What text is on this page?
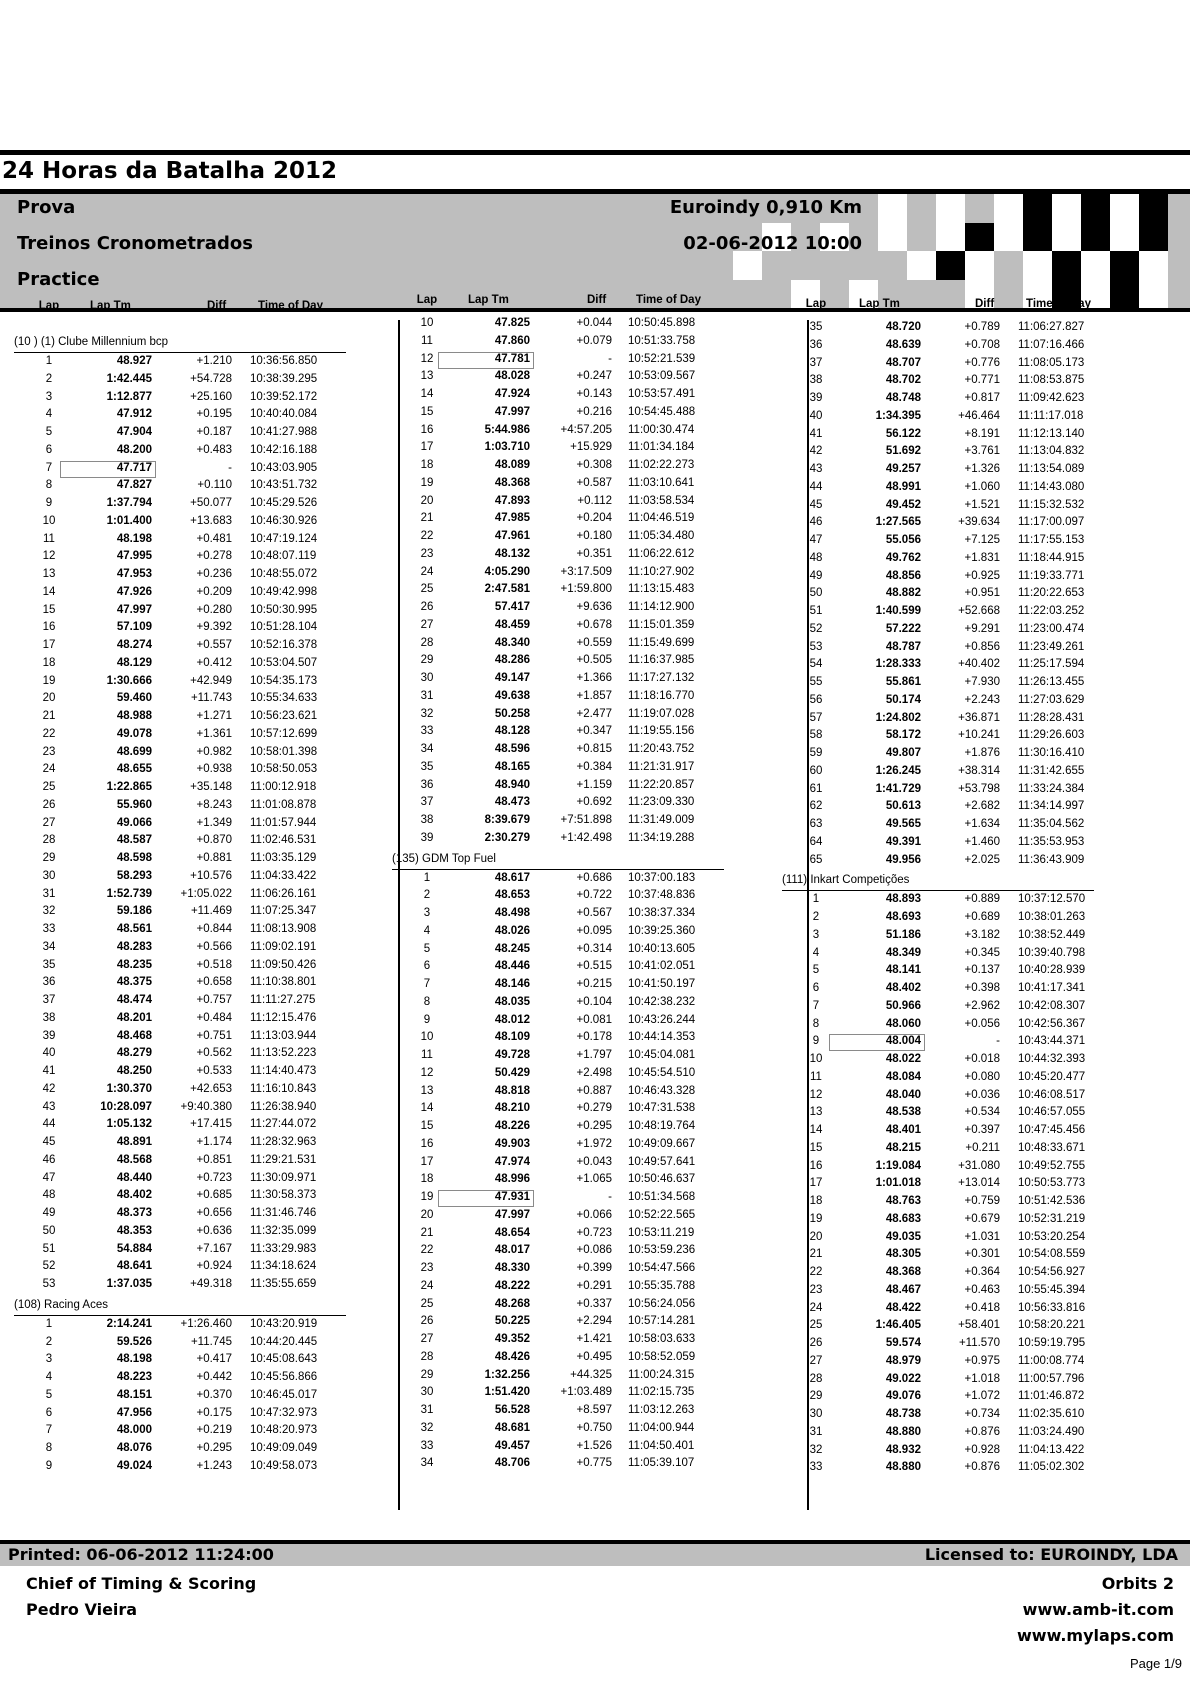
24 Horas da Batalha 2012
Prova
Treinos Cronometrados
Practice
Euroindy 0,910 Km
02-06-2012 10:00
Lap	Lap Tm	Diff	Time of Day
(10 ) (1) Clube Millennium bcp
1	48.927	+1.210 10:36:56.850
2	1:42.445	+54.728 10:38:39.295
3	1:12.877	+25.160 10:39:52.172
4	47.912	+0.195 10:40:40.084
5	47.904	+0.187 10:41:27.988
6	48.200	+0.483 10:42:16.188
7	47.717	- 10:43:03.905
8	47.827	+0.110 10:43:51.732
9	1:37.794	+50.077 10:45:29.526
10	1:01.400	+13.683 10:46:30.926
11	48.198	+0.481 10:47:19.124
12	47.995	+0.278 10:48:07.119
13	47.953	+0.236 10:48:55.072
14	47.926	+0.209 10:49:42.998
15	47.997	+0.280 10:50:30.995
16	57.109	+9.392 10:51:28.104
17	48.274	+0.557 10:52:16.378
18	48.129	+0.412 10:53:04.507
19	1:30.666	+42.949 10:54:35.173
20	59.460	+11.743 10:55:34.633
21	48.988	+1.271 10:56:23.621
22	49.078	+1.361 10:57:12.699
23	48.699	+0.982 10:58:01.398
24	48.655	+0.938 10:58:50.053
25	1:22.865	+35.148 11:00:12.918
26	55.960	+8.243 11:01:08.878
27	49.066	+1.349 11:01:57.944
28	48.587	+0.870 11:02:46.531
29	48.598	+0.881 11:03:35.129
30	58.293	+10.576 11:04:33.422
31	1:52.739	+1:05.022 11:06:26.161
32	59.186	+11.469 11:07:25.347
33	48.561	+0.844 11:08:13.908
34	48.283	+0.566 11:09:02.191
35	48.235	+0.518 11:09:50.426
36	48.375	+0.658 11:10:38.801
37	48.474	+0.757 11:11:27.275
38	48.201	+0.484 11:12:15.476
39	48.468	+0.751 11:13:03.944
40	48.279	+0.562 11:13:52.223
41	48.250	+0.533 11:14:40.473
42	1:30.370	+42.653 11:16:10.843
43	10:28.097	+9:40.380 11:26:38.940
44	1:05.132	+17.415 11:27:44.072
45	48.891	+1.174 11:28:32.963
46	48.568	+0.851 11:29:21.531
47	48.440	+0.723 11:30:09.971
48	48.402	+0.685 11:30:58.373
49	48.373	+0.656 11:31:46.746
50	48.353	+0.636 11:32:35.099
51	54.884	+7.167 11:33:29.983
52	48.641	+0.924 11:34:18.624
53	1:37.035	+49.318 11:35:55.659
(108) Racing Aces
1	2:14.241	+1:26.460 10:43:20.919
2	59.526	+11.745 10:44:20.445
3	48.198	+0.417 10:45:08.643
4	48.223	+0.442 10:45:56.866
5	48.151	+0.370 10:46:45.017
6	47.956	+0.175 10:47:32.973
7	48.000	+0.219 10:48:20.973
8	48.076	+0.295 10:49:09.049
9	49.024	+1.243 10:49:58.073
Lap	Lap Tm	Diff	Time of Day
10	47.825	+0.044 10:50:45.898
11	47.860	+0.079 10:51:33.758
12	47.781	- 10:52:21.539
13	48.028	+0.247 10:53:09.567
14	47.924	+0.143 10:53:57.491
15	47.997	+0.216 10:54:45.488
16	5:44.986	+4:57.205 11:00:30.474
17	1:03.710	+15.929 11:01:34.184
18	48.089	+0.308 11:02:22.273
19	48.368	+0.587 11:03:10.641
20	47.893	+0.112 11:03:58.534
21	47.985	+0.204 11:04:46.519
22	47.961	+0.180 11:05:34.480
23	48.132	+0.351 11:06:22.612
24	4:05.290	+3:17.509 11:10:27.902
25	2:47.581	+1:59.800 11:13:15.483
26	57.417	+9.636 11:14:12.900
27	48.459	+0.678 11:15:01.359
28	48.340	+0.559 11:15:49.699
29	48.286	+0.505 11:16:37.985
30	49.147	+1.366 11:17:27.132
31	49.638	+1.857 11:18:16.770
32	50.258	+2.477 11:19:07.028
33	48.128	+0.347 11:19:55.156
34	48.596	+0.815 11:20:43.752
35	48.165	+0.384 11:21:31.917
36	48.940	+1.159 11:22:20.857
37	48.473	+0.692 11:23:09.330
38	8:39.679	+7:51.898 11:31:49.009
39	2:30.279	+1:42.498 11:34:19.288
(135) GDM Top Fuel
1	48.617	+0.686 10:37:00.183
2	48.653	+0.722 10:37:48.836
3	48.498	+0.567 10:38:37.334
4	48.026	+0.095 10:39:25.360
5	48.245	+0.314 10:40:13.605
6	48.446	+0.515 10:41:02.051
7	48.146	+0.215 10:41:50.197
8	48.035	+0.104 10:42:38.232
9	48.012	+0.081 10:43:26.244
10	48.109	+0.178 10:44:14.353
11	49.728	+1.797 10:45:04.081
12	50.429	+2.498 10:45:54.510
13	48.818	+0.887 10:46:43.328
14	48.210	+0.279 10:47:31.538
15	48.226	+0.295 10:48:19.764
16	49.903	+1.972 10:49:09.667
17	47.974	+0.043 10:49:57.641
18	48.996	+1.065 10:50:46.637
19	47.931	- 10:51:34.568
20	47.997	+0.066 10:52:22.565
21	48.654	+0.723 10:53:11.219
22	48.017	+0.086 10:53:59.236
23	48.330	+0.399 10:54:47.566
24	48.222	+0.291 10:55:35.788
25	48.268	+0.337 10:56:24.056
26	50.225	+2.294 10:57:14.281
27	49.352	+1.421 10:58:03.633
28	48.426	+0.495 10:58:52.059
29	1:32.256	+44.325 11:00:24.315
30	1:51.420	+1:03.489 11:02:15.735
31	56.528	+8.597 11:03:12.263
32	48.681	+0.750 11:04:00.944
33	49.457	+1.526 11:04:50.401
34	48.706	+0.775 11:05:39.107
Lap	Lap Tm	Diff	Time of Day
35	48.720	+0.789 11:06:27.827
36	48.639	+0.708 11:07:16.466
37	48.707	+0.776 11:08:05.173
38	48.702	+0.771 11:08:53.875
39	48.748	+0.817 11:09:42.623
40	1:34.395	+46.464 11:11:17.018
41	56.122	+8.191 11:12:13.140
42	51.692	+3.761 11:13:04.832
43	49.257	+1.326 11:13:54.089
44	48.991	+1.060 11:14:43.080
45	49.452	+1.521 11:15:32.532
46	1:27.565	+39.634 11:17:00.097
47	55.056	+7.125 11:17:55.153
48	49.762	+1.831 11:18:44.915
49	48.856	+0.925 11:19:33.771
50	48.882	+0.951 11:20:22.653
51	1:40.599	+52.668 11:22:03.252
52	57.222	+9.291 11:23:00.474
53	48.787	+0.856 11:23:49.261
54	1:28.333	+40.402 11:25:17.594
55	55.861	+7.930 11:26:13.455
56	50.174	+2.243 11:27:03.629
57	1:24.802	+36.871 11:28:28.431
58	58.172	+10.241 11:29:26.603
59	49.807	+1.876 11:30:16.410
60	1:26.245	+38.314 11:31:42.655
61	1:41.729	+53.798 11:33:24.384
62	50.613	+2.682 11:34:14.997
63	49.565	+1.634 11:35:04.562
64	49.391	+1.460 11:35:53.953
65	49.956	+2.025 11:36:43.909
(111) Inkart Competições
1	48.893	+0.889 10:37:12.570
2	48.693	+0.689 10:38:01.263
3	51.186	+3.182 10:38:52.449
4	48.349	+0.345 10:39:40.798
5	48.141	+0.137 10:40:28.939
6	48.402	+0.398 10:41:17.341
7	50.966	+2.962 10:42:08.307
8	48.060	+0.056 10:42:56.367
9	48.004	- 10:43:44.371
10	48.022	+0.018 10:44:32.393
11	48.084	+0.080 10:45:20.477
12	48.040	+0.036 10:46:08.517
13	48.538	+0.534 10:46:57.055
14	48.401	+0.397 10:47:45.456
15	48.215	+0.211 10:48:33.671
16	1:19.084	+31.080 10:49:52.755
17	1:01.018	+13.014 10:50:53.773
18	48.763	+0.759 10:51:42.536
19	48.683	+0.679 10:52:31.219
20	49.035	+1.031 10:53:20.254
21	48.305	+0.301 10:54:08.559
22	48.368	+0.364 10:54:56.927
23	48.467	+0.463 10:55:45.394
24	48.422	+0.418 10:56:33.816
25	1:46.405	+58.401 10:58:20.221
26	59.574	+11.570 10:59:19.795
27	48.979	+0.975 11:00:08.774
28	49.022	+1.018 11:00:57.796
29	49.076	+1.072 11:01:46.872
30	48.738	+0.734 11:02:35.610
31	48.880	+0.876 11:03:24.490
32	48.932	+0.928 11:04:13.422
33	48.880	+0.876 11:05:02.302
Printed: 06-06-2012 11:24:00	Licensed to: EUROINDY, LDA
Chief of Timing & Scoring
Pedro Vieira
Orbits 2
www.amb-it.com
www.mylaps.com
Page 1/9
